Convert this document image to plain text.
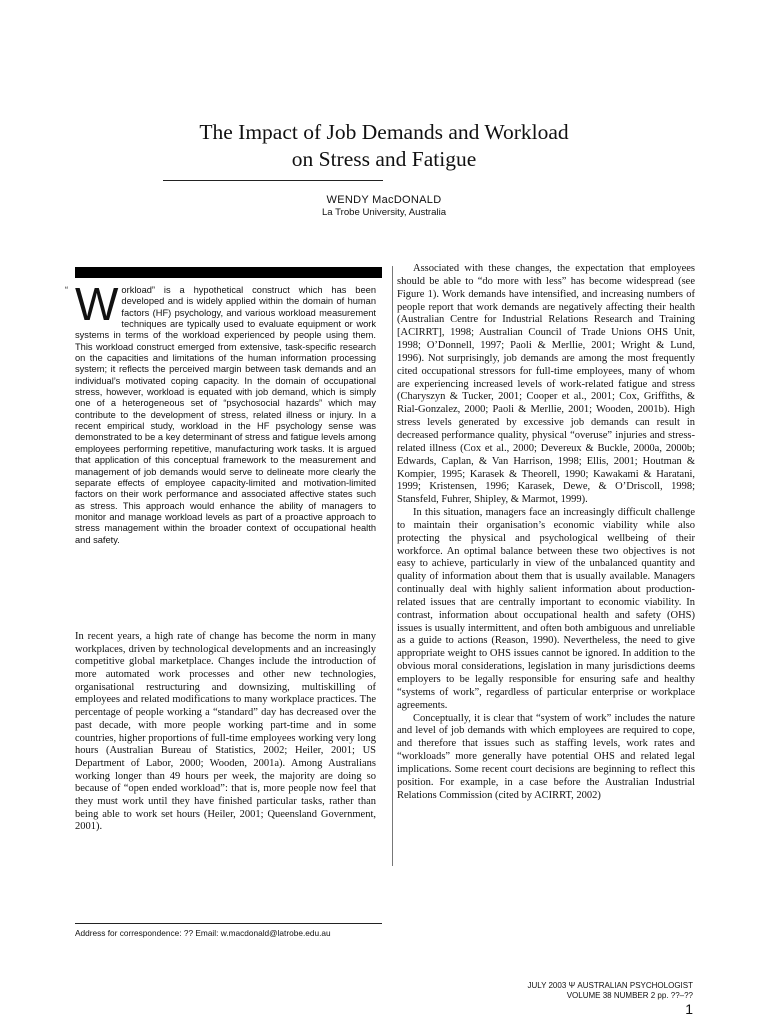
The Impact of Job Demands and Workload
on Stress and Fatigue
WENDY MacDONALD
La Trobe University, Australia

“ W orkload” is a hypothetical construct which has been developed and is widely applied within the domain of human factors (HF) psychology, and various workload measurement techniques are typically used to evaluate equipment or work systems in terms of the workload experienced by people using them. This workload construct emerged from extensive, task-specific research on the capacities and limitations of the human information processing system; it reflects the perceived margin between task demands and an individual’s motivated coping capacity. In the domain of occupational stress, however, workload is equated with job demand, which is simply one of a heterogeneous set of “psychosocial hazards” which may contribute to the development of stress, related illness or injury. In a recent empirical study, workload in the HF psychology sense was demonstrated to be a key determinant of stress and fatigue levels among employees performing repetitive, manufacturing work tasks. It is argued that application of this conceptual framework to the measurement and management of job demands would serve to delineate more clearly the separate effects of employee capacity-limited and motivation-limited factors on their work performance and associated affective states such as stress. This approach would enhance the ability of managers to monitor and manage workload levels as part of a proactive approach to stress management within the broader context of occupational health and safety.

In recent years, a high rate of change has become the norm in many workplaces, driven by technological developments and an increasingly competitive global marketplace. Changes include the introduction of more automated work processes and other new technologies, organisational restructuring and downsizing, multiskilling of employees and related modifications to many workplace practices. The percentage of people working a “standard” day has decreased over the past decade, with more people working part-time and in some countries, higher proportions of full-time employees working very long hours (Australian Bureau of Statistics, 2002; Heiler, 2001; US Department of Labor, 2000; Wooden, 2001a). Among Australians working longer than 49 hours per week, the majority are doing so because of “open ended workload”: that is, more people now feel that they must work until they have finished particular tasks, rather than being able to work set hours (Heiler, 2001; Queensland Government, 2001).

Associated with these changes, the expectation that employees should be able to “do more with less” has become widespread (see Figure 1). Work demands have intensified, and increasing numbers of people report that work demands are negatively affecting their health (Australian Centre for Industrial Relations Research and Training [ACIRRT], 1998; Australian Council of Trade Unions OHS Unit, 1998; O’Donnell, 1997; Paoli & Merllie, 2001; Wright & Lund, 1996). Not surprisingly, job demands are among the most frequently cited occupational stressors for full-time employees, many of whom are experiencing increased levels of work-related fatigue and stress (Charyszyn & Tucker, 2001; Cooper et al., 2001; Cox, Griffiths, & Rial-Gonzalez, 2000; Paoli & Merllie, 2001; Wooden, 2001b). High stress levels generated by excessive job demands can result in decreased performance quality, physical “overuse” injuries and stress-related illness (Cox et al., 2000; Devereux & Buckle, 2000a, 2000b; Edwards, Caplan, & Van Harrison, 1998; Ellis, 2001; Houtman & Kompier, 1995; Karasek & Theorell, 1990; Kawakami & Haratani, 1999; Kristensen, 1996; Karasek, Dewe, & O’Driscoll, 1998; Stansfeld, Fuhrer, Shipley, & Marmot, 1999).

In this situation, managers face an increasingly difficult challenge to maintain their organisation’s economic viability while also protecting the physical and psychological wellbeing of their workforce. An optimal balance between these two objectives is not easy to achieve, particularly in view of the unbalanced quantity and quality of information about them that is usually available. Managers continually deal with highly salient information about production-related issues that are centrally important to economic viability. In contrast, information about occupational health and safety (OHS) issues is usually intermittent, and often both ambiguous and unreliable as a guide to actions (Reason, 1990). Nevertheless, the need to give appropriate weight to OHS issues cannot be ignored. In addition to the obvious moral considerations, legislation in many jurisdictions deems employers to be legally responsible for ensuring safe and healthy “systems of work”, regardless of particular enterprise or workplace agreements.

Conceptually, it is clear that “system of work” includes the nature and level of job demands with which employees are required to cope, and therefore that issues such as staffing levels, work rates and “workloads” more generally have potential OHS and related legal implications. Some recent court decisions are beginning to reflect this position. For example, in a case before the Australian Industrial Relations Commission (cited by ACIRRT, 2002)

Address for correspondence: ?? Email: w.macdonald@latrobe.edu.au
JULY 2003 Ψ AUSTRALIAN PSYCHOLOGIST
VOLUME 38 NUMBER 2 pp. ??–??
1
